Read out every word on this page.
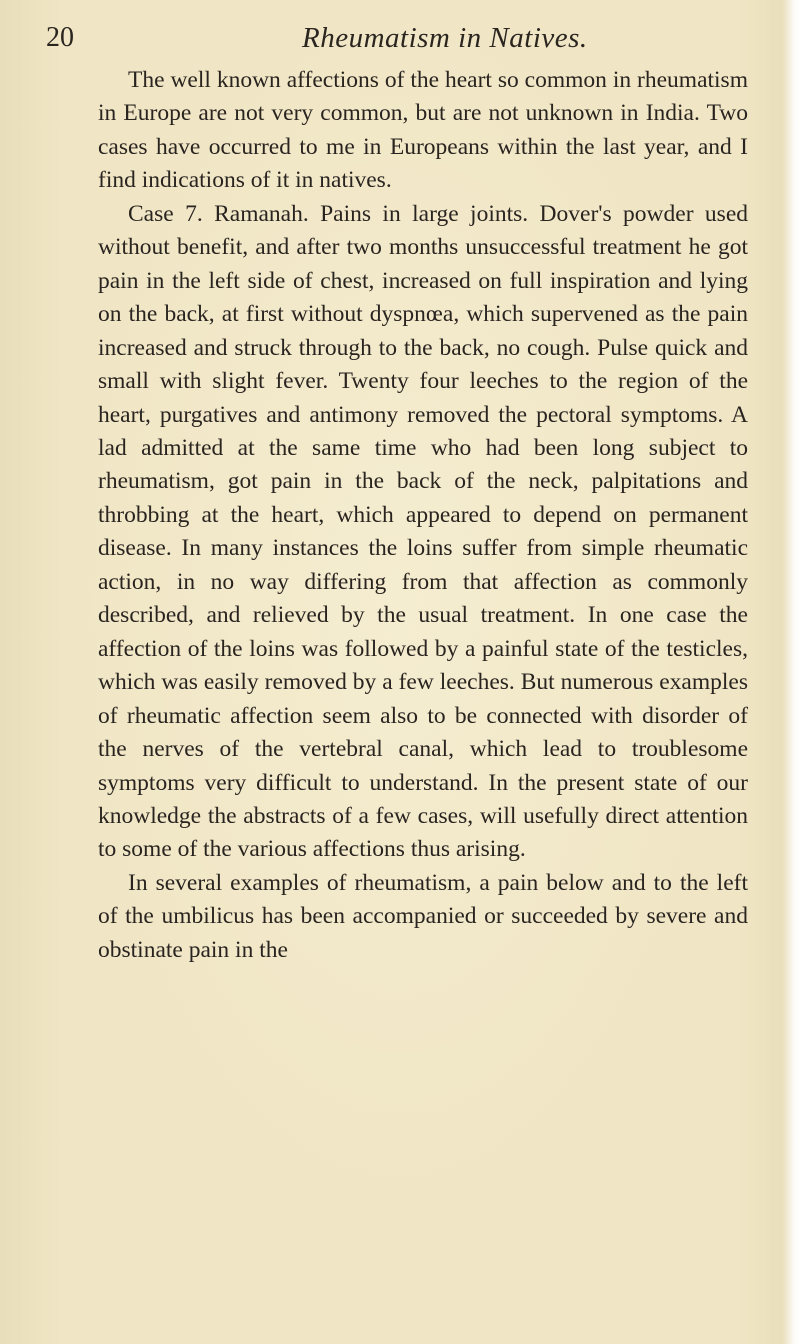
20	Rheumatism in Natives.

The well known affections of the heart so common in rheumatism in Europe are not very common, but are not unknown in India. Two cases have occurred to me in Europeans within the last year, and I find indications of it in natives.

Case 7. Ramanah. Pains in large joints. Dover's powder used without benefit, and after two months unsuccessful treatment he got pain in the left side of chest, increased on full inspiration and lying on the back, at first without dyspnœa, which supervened as the pain increased and struck through to the back, no cough. Pulse quick and small with slight fever. Twenty four leeches to the region of the heart, purgatives and antimony removed the pectoral symptoms. A lad admitted at the same time who had been long subject to rheumatism, got pain in the back of the neck, palpitations and throbbing at the heart, which appeared to depend on permanent disease. In many instances the loins suffer from simple rheumatic action, in no way differing from that affection as commonly described, and relieved by the usual treatment. In one case the affection of the loins was followed by a painful state of the testicles, which was easily removed by a few leeches. But numerous examples of rheumatic affection seem also to be connected with disorder of the nerves of the vertebral canal, which lead to troublesome symptoms very difficult to understand. In the present state of our knowledge the abstracts of a few cases, will usefully direct attention to some of the various affections thus arising.

In several examples of rheumatism, a pain below and to the left of the umbilicus has been accompanied or succeeded by severe and obstinate pain in the
